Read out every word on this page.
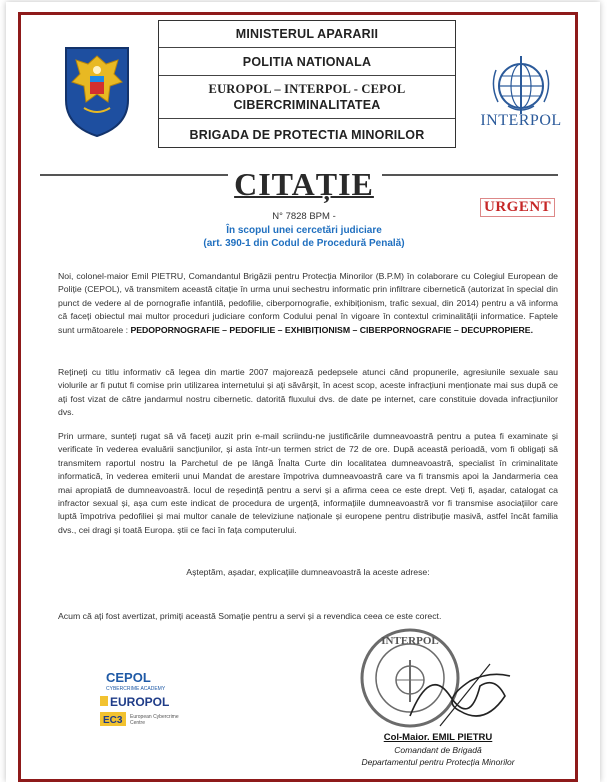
INTERPOL
MINISTERUL APARARII
POLITIA NATIONALA
EUROPOL – INTERPOL - CEPOL
CIBERCRIMINALITATEA
BRIGADA DE PROTECTIA MINORILOR
CITAȚIE
URGENT
N° 7828 BPM -
În scopul unei cercetări judiciare
(art. 390-1 din Codul de Procedură Penală)

Noi, colonel-maior Emil PIETRU, Comandantul Brigăzii pentru Protecția Minorilor (B.P.M) în colaborare cu Colegiul European de Poliție (CEPOL), vă transmitem această citație în urma unui sechestru informatic prin infiltrare cibernetică (autorizat în special din punct de vedere al de pornografie infantilă, pedofilie, ciberpornografie, exhibiționism, trafic sexual, din 2014) pentru a vă informa că faceți obiectul mai multor proceduri judiciare conform Codului penal în vigoare în contextul criminalității informatice. Faptele sunt următoarele : PEDOPORNOGRAFIE – PEDOFILIE – EXHIBIȚIONISM – CIBERPORNOGRAFIE – DECUPROPIERE.

Rețineți cu titlu informativ că legea din martie 2007 majorează pedepsele atunci când propunerile, agresiunile sexuale sau violurile ar fi putut fi comise prin utilizarea internetului și ați săvârșit, în acest scop, aceste infracțiuni menționate mai sus după ce ați fost vizat de către jandarmul nostru cibernetic. datorită fluxului dvs. de date pe internet, care constituie dovada infracțiunilor dvs.

Prin urmare, sunteți rugat să vă faceți auzit prin e-mail scriindu-ne justificările dumneavoastră pentru a putea fi examinate și verificate în vederea evaluării sancțiunilor, și asta într-un termen strict de 72 de ore. După această perioadă, vom fi obligați să transmitem raportul nostru la Parchetul de pe lângă Înalta Curte din localitatea dumneavoastră, specialist în criminalitate informatică, în vederea emiterii unui Mandat de arestare împotriva dumneavoastră care va fi transmis apoi la Jandarmeria cea mai apropiată de dumneavoastră. locul de reședință pentru a servi și a afirma ceea ce este drept. Veți fi, așadar, catalogat ca infractor sexual și, așa cum este indicat de procedura de urgență, informațiile dumneavoastră vor fi transmise asociațiilor care luptă împotriva pedofiliei și mai multor canale de televiziune naționale și europene pentru distribuție masivă, astfel încât familia dvs., cei dragi și toată Europa. știi ce faci în fața computerului.

Așteptăm, așadar, explicațiile dumneavoastră la aceste adrese:

Acum că ați fost avertizat, primiți această Somație pentru a servi și a revendica ceea ce este corect.

CEPOL
CYBERCRIME ACADEMY
EUROPOL
EC3 European Cybercrime
Centre
INTERPOL
Col-Maior. EMIL PIETRU
Comandant de Brigadă
Departamentul pentru Protecția Minorilor
